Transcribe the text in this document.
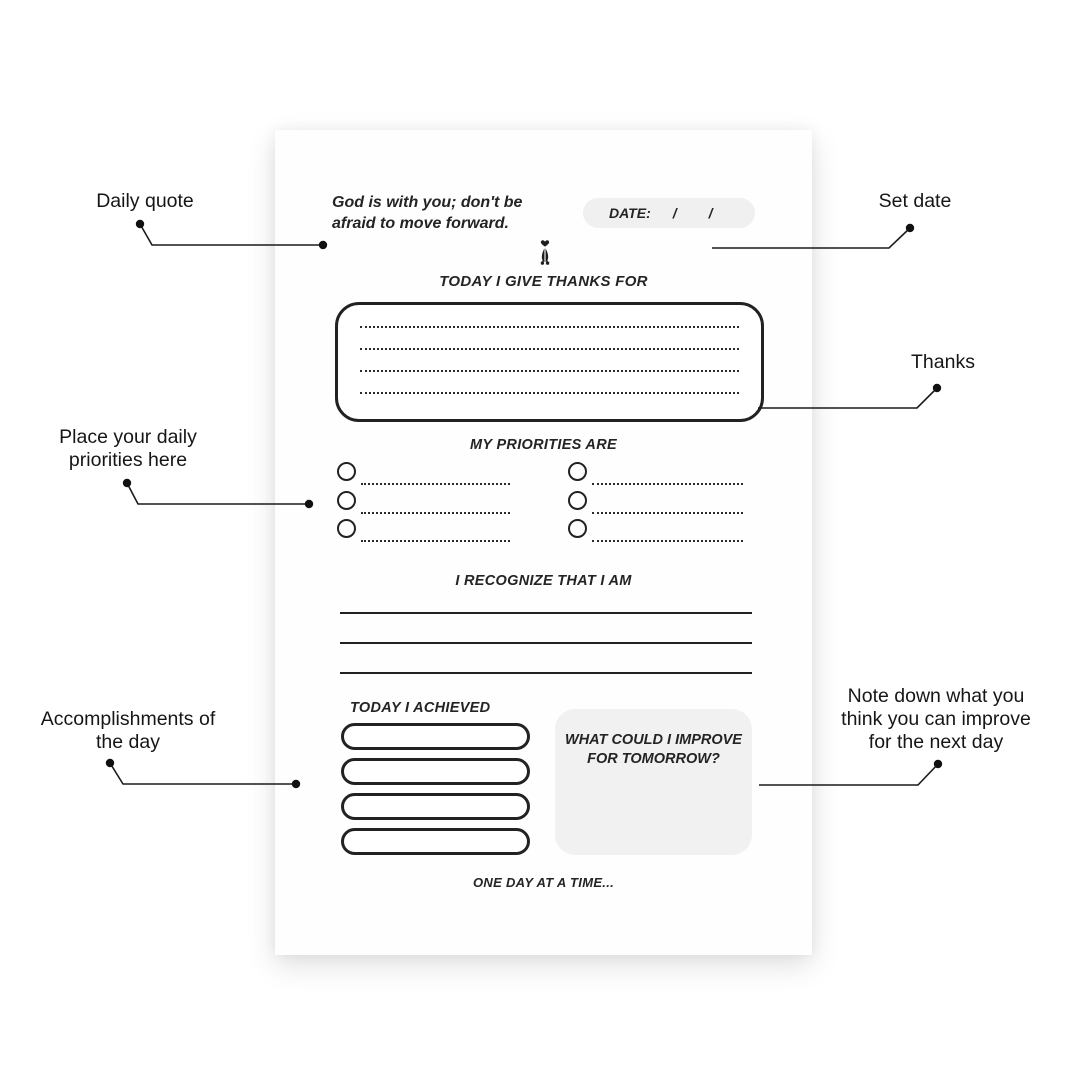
Daily quote	Set date
Thanks
Place your daily priorities here
Accomplishments of the day
Note down what you think you can improve for the next day
God is with you; don't be afraid to move forward.
DATE: / /
TODAY I GIVE THANKS FOR
MY PRIORITIES ARE
I RECOGNIZE THAT I AM
TODAY I ACHIEVED
WHAT COULD I IMPROVE FOR TOMORROW?
ONE DAY AT A TIME...
